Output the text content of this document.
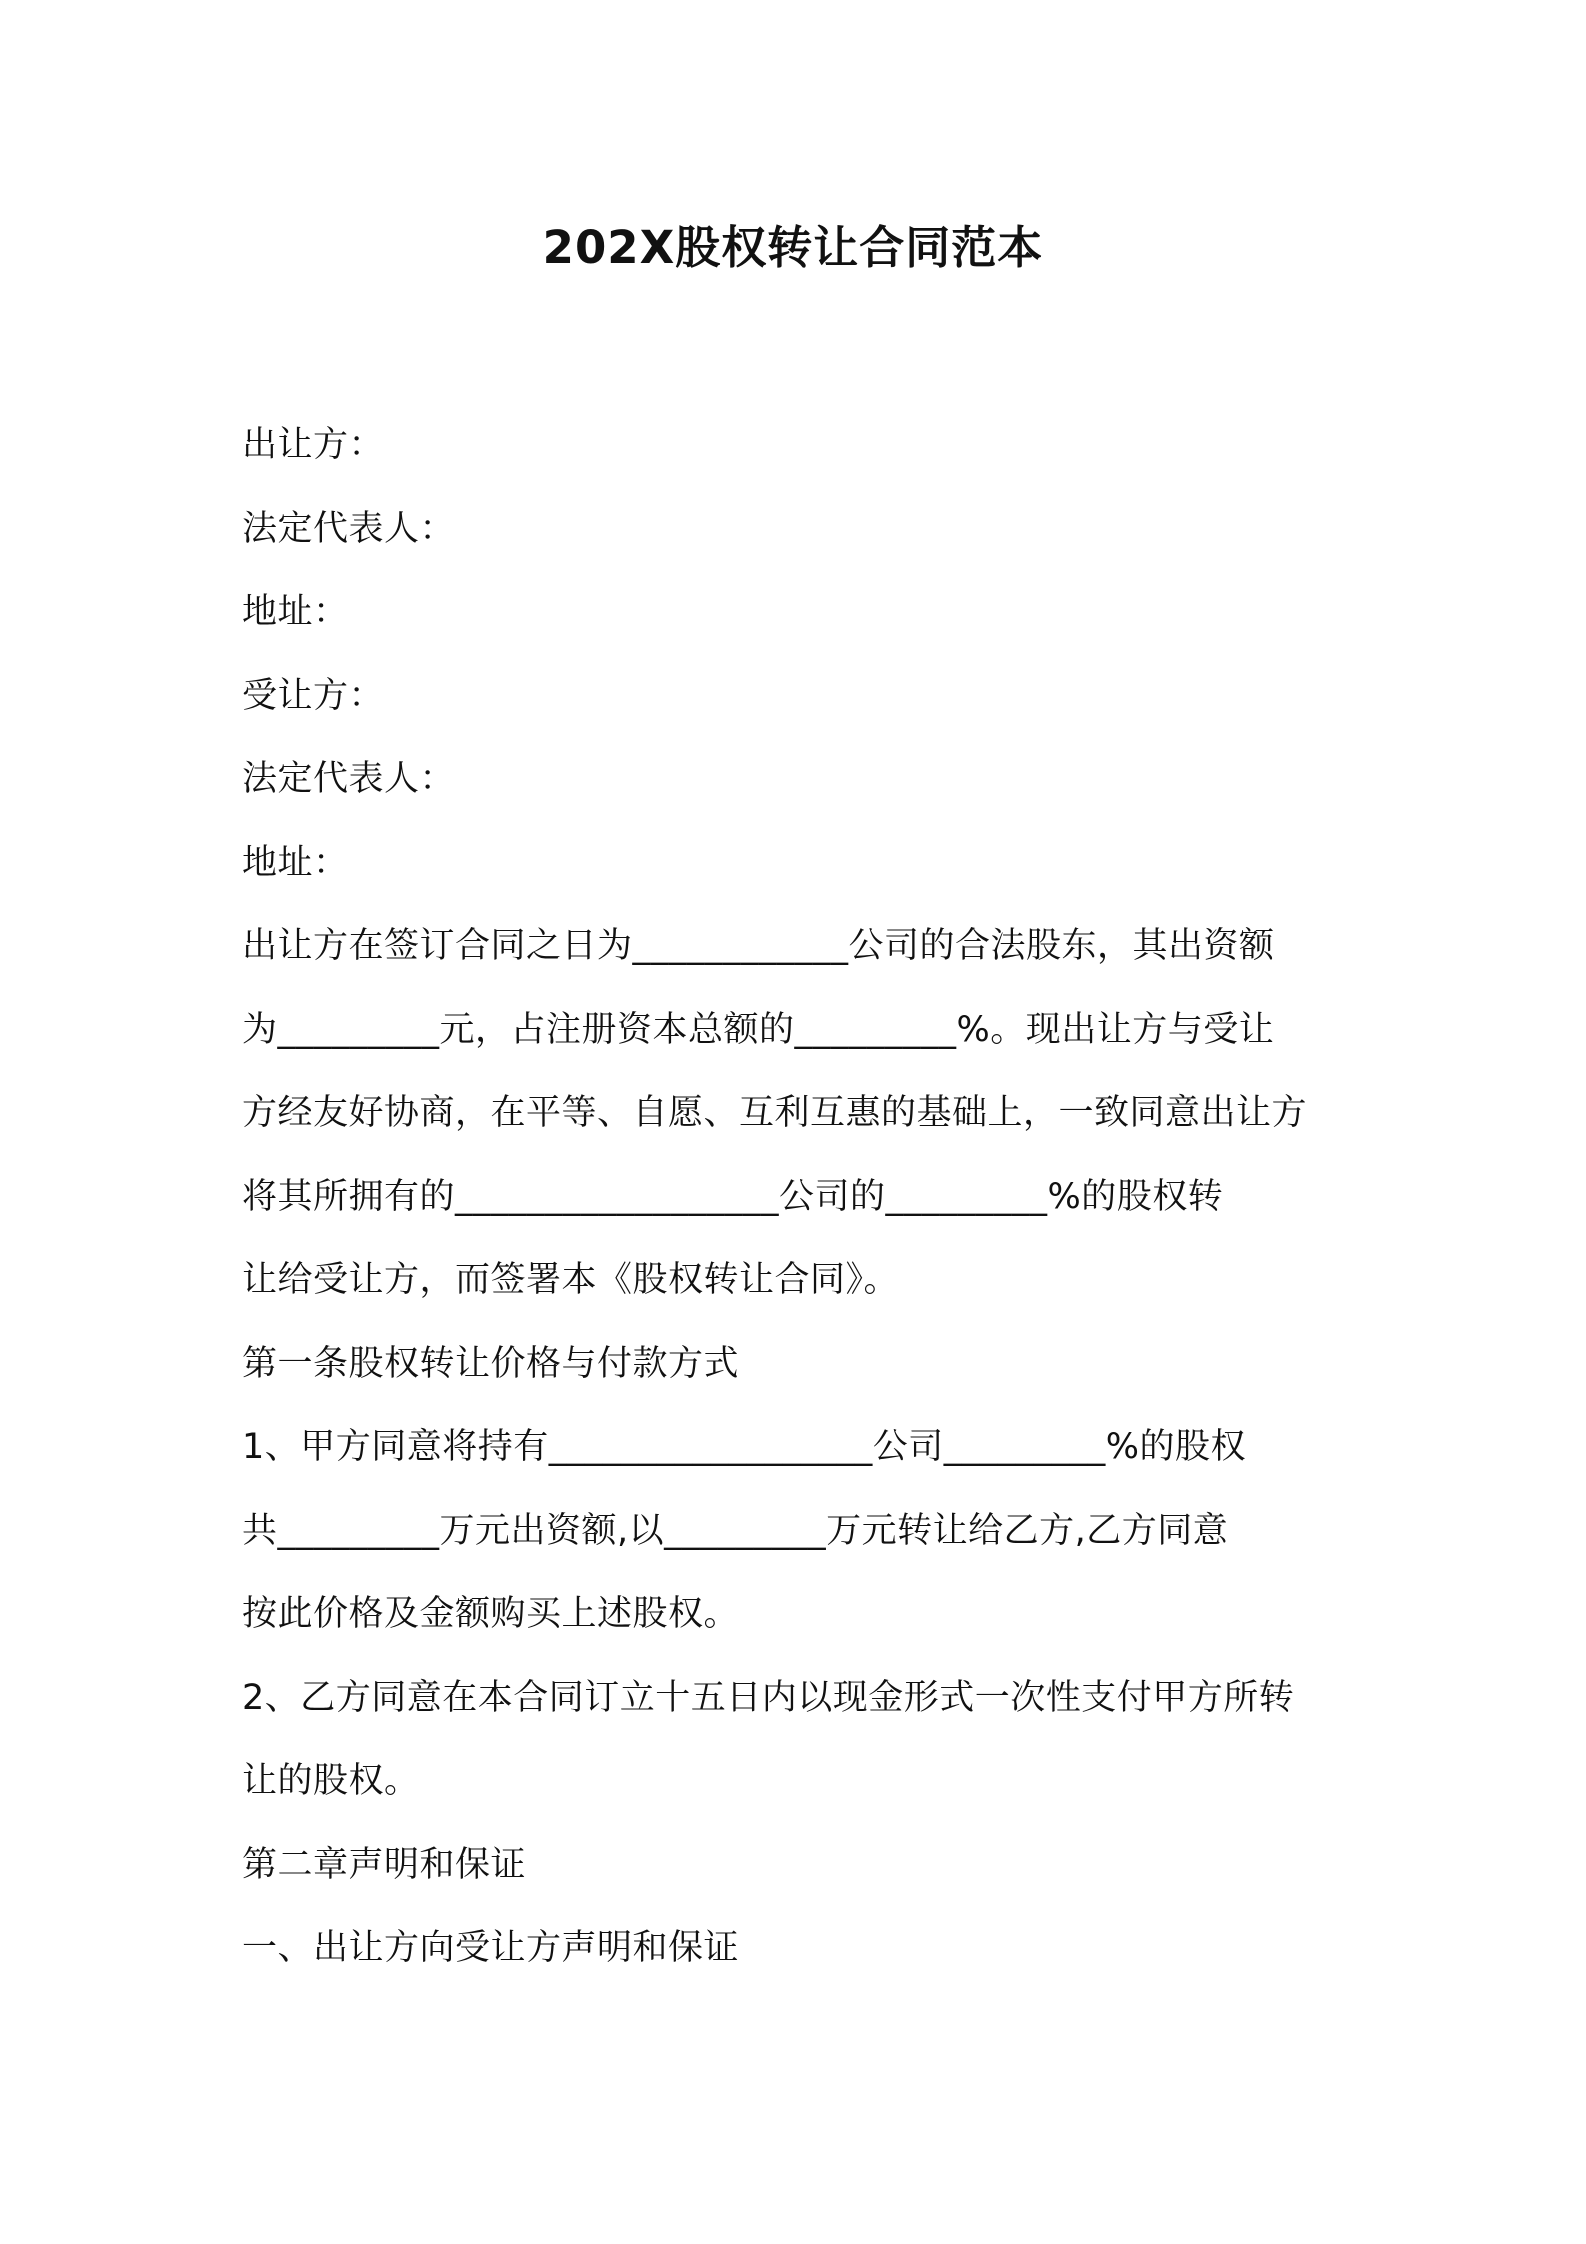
202X股权转让合同范本
出让方：
法定代表人：
地址：
受让方：
法定代表人：
地址：
出让方在签订合同之日为____________公司的合法股东，其出资额
为_________元，占注册资本总额的_________%。现出让方与受让
方经友好协商，在平等、自愿、互利互惠的基础上，一致同意出让方
将其所拥有的__________________公司的_________%的股权转
让给受让方，而签署本《股权转让合同》。
第一条股权转让价格与付款方式
1、甲方同意将持有__________________公司_________%的股权
共_________万元出资额,以_________万元转让给乙方,乙方同意
按此价格及金额购买上述股权。
2、乙方同意在本合同订立十五日内以现金形式一次性支付甲方所转
让的股权。
第二章声明和保证
一、出让方向受让方声明和保证
